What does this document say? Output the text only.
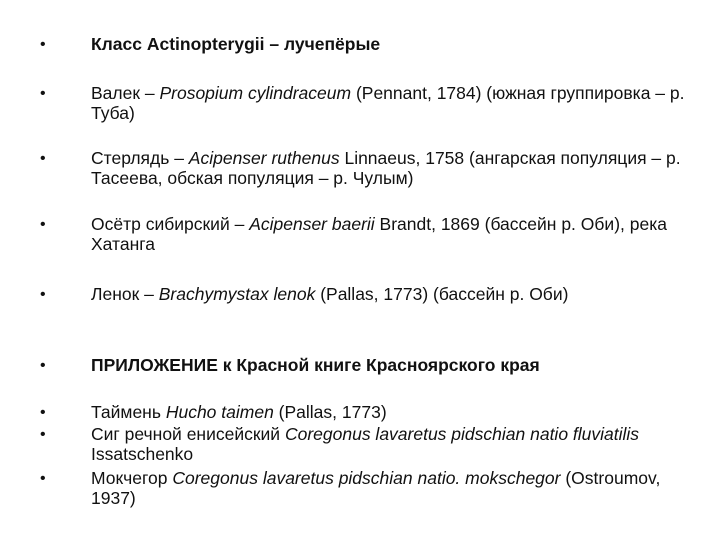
•	Класс Actinopterygii – лучепёрые
•	Валек – Prosopium cylindraceum (Pennant, 1784) (южная группировка – р. Туба)
•	Стерлядь – Acipenser ruthenus Linnaeus, 1758 (ангарская популяция – р. Тасеева, обская популяция – р. Чулым)
•	Осётр сибирский – Acipenser baerii Brandt, 1869 (бассейн р. Оби), река Хатанга
•	Ленок – Brachymystax lenok (Pallas, 1773) (бассейн р. Оби)
•	ПРИЛОЖЕНИЕ к Красной книге Красноярского края
•	Таймень Hucho taimen (Pallas, 1773)
•	Сиг речной енисейский Coregonus lavaretus pidschian natio fluviatilis Issatschenko
•	Мокчегор Coregonus lavaretus pidschian natio. mokschegor (Ostroumov, 1937)
